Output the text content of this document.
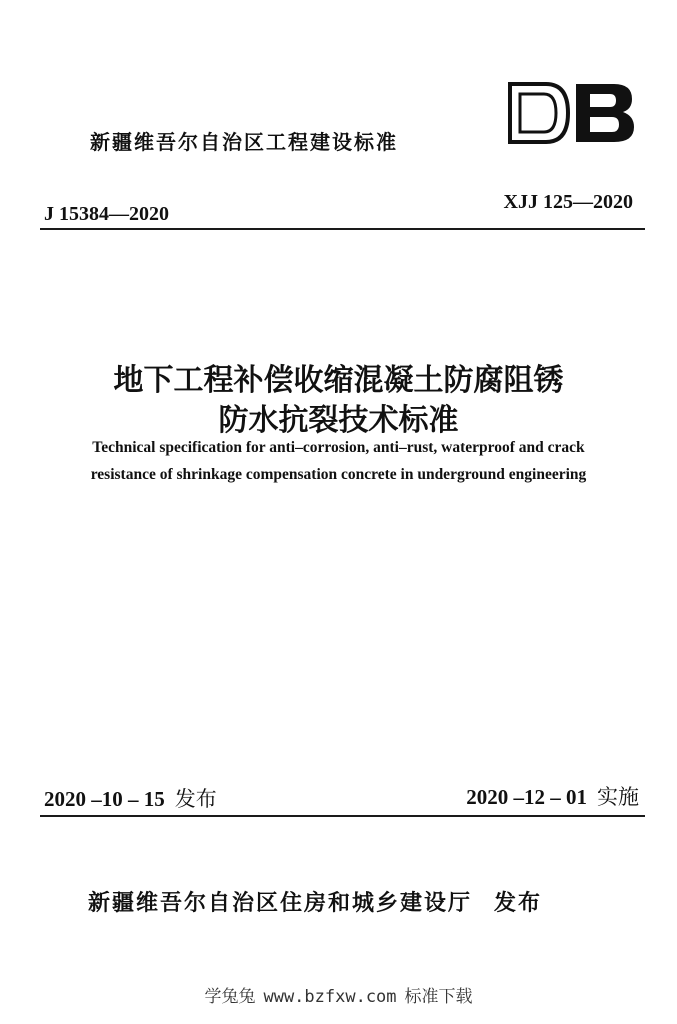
新疆维吾尔自治区工程建设标准
J 15384—2020
XJJ 125—2020
地下工程补偿收缩混凝土防腐阻锈
防水抗裂技术标准
Technical specification for anti–corrosion, anti–rust, waterproof and crack
resistance of shrinkage compensation concrete in underground engineering
2020 –10 – 15 发布	2020 –12 – 01 实施
新疆维吾尔自治区住房和城乡建设厅 发布
学兔兔 www.bzfxw.com 标准下载
